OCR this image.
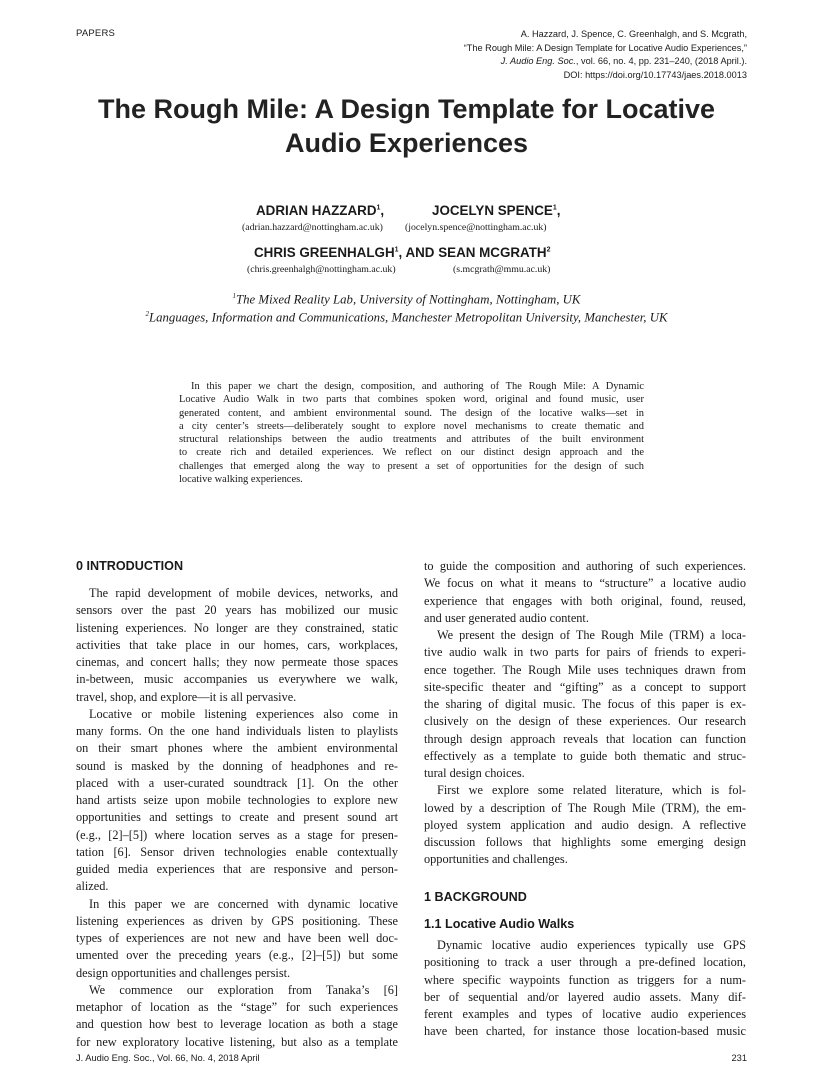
PAPERS	A. Hazzard, J. Spence, C. Greenhalgh, and S. Mcgrath,
“The Rough Mile: A Design Template for Locative Audio Experiences,”
J. Audio Eng. Soc., vol. 66, no. 4, pp. 231–240, (2018 April.).
DOI: https://doi.org/10.17743/jaes.2018.0013
The Rough Mile: A Design Template for Locative
Audio Experiences
ADRIAN HAZZARD$^1$,
(adrian.hazzard@nottingham.ac.uk)
JOCELYN SPENCE$^1$,
(jocelyn.spence@nottingham.ac.uk)
CHRIS GREENHALGH$^1$, AND SEAN MCGRATH$^2$
(chris.greenhalgh@nottingham.ac.uk)	(s.mcgrath@mmu.ac.uk)
$^1$The Mixed Reality Lab, University of Nottingham, Nottingham, UK
$^2$Languages, Information and Communications, Manchester Metropolitan University, Manchester, UK
In this paper we chart the design, composition, and authoring of The Rough Mile: A Dynamic
Locative Audio Walk in two parts that combines spoken word, original and found music, user
generated content, and ambient environmental sound. The design of the locative walks—set in
a city center’s streets—deliberately sought to explore novel mechanisms to create thematic and
structural relationships between the audio treatments and attributes of the built environment
to create rich and detailed experiences. We reflect on our distinct design approach and the
challenges that emerged along the way to present a set of opportunities for the design of such
locative walking experiences.
0 INTRODUCTION
The rapid development of mobile devices, networks, and
sensors over the past 20 years has mobilized our music
listening experiences. No longer are they constrained, static
activities that take place in our homes, cars, workplaces,
cinemas, and concert halls; they now permeate those spaces
in-between, music accompanies us everywhere we walk,
travel, shop, and explore—it is all pervasive.
Locative or mobile listening experiences also come in
many forms. On the one hand individuals listen to playlists
on their smart phones where the ambient environmental
sound is masked by the donning of headphones and re-
placed with a user-curated soundtrack [1]. On the other
hand artists seize upon mobile technologies to explore new
opportunities and settings to create and present sound art
(e.g., [2]–[5]) where location serves as a stage for presen-
tation [6]. Sensor driven technologies enable contextually
guided media experiences that are responsive and person-
alized.
In this paper we are concerned with dynamic locative
listening experiences as driven by GPS positioning. These
types of experiences are not new and have been well doc-
umented over the preceding years (e.g., [2]–[5]) but some
design opportunities and challenges persist.
We commence our exploration from Tanaka’s [6]
metaphor of location as the “stage” for such experiences
and question how best to leverage location as both a stage
for new exploratory locative listening, but also as a template
to guide the composition and authoring of such experiences.
We focus on what it means to “structure” a locative audio
experience that engages with both original, found, reused,
and user generated audio content.
We present the design of The Rough Mile (TRM) a loca-
tive audio walk in two parts for pairs of friends to experi-
ence together. The Rough Mile uses techniques drawn from
site-specific theater and “gifting” as a concept to support
the sharing of digital music. The focus of this paper is ex-
clusively on the design of these experiences. Our research
through design approach reveals that location can function
effectively as a template to guide both thematic and struc-
tural design choices.
First we explore some related literature, which is fol-
lowed by a description of The Rough Mile (TRM), the em-
ployed system application and audio design. A reflective
discussion follows that highlights some emerging design
opportunities and challenges.
1 BACKGROUND
1.1 Locative Audio Walks
Dynamic locative audio experiences typically use GPS
positioning to track a user through a pre-defined location,
where specific waypoints function as triggers for a num-
ber of sequential and/or layered audio assets. Many dif-
ferent examples and types of locative audio experiences
have been charted, for instance those location-based music
J. Audio Eng. Soc., Vol. 66, No. 4, 2018 April	231
